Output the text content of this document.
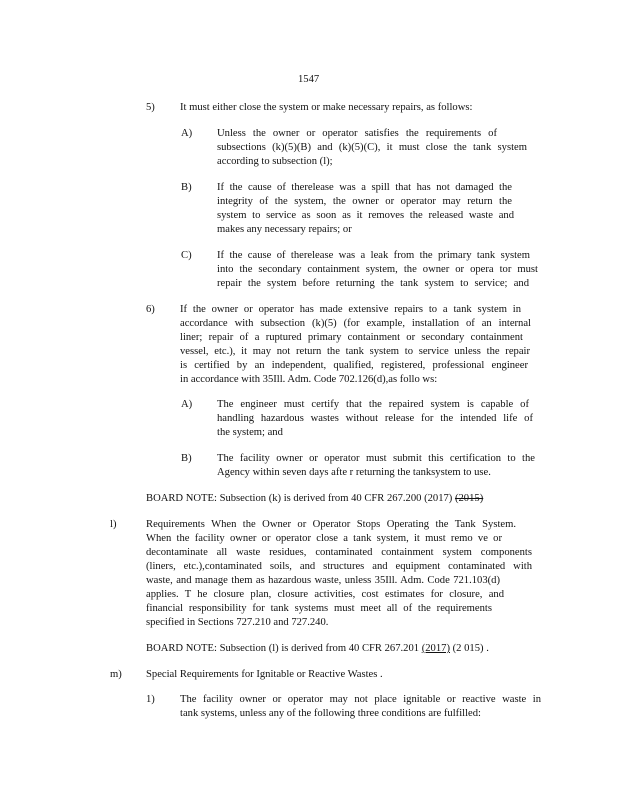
1547
5) It must either close the system or make necessary repairs, as follows:
A) Unless the owner or operator satisfies the requirements of
subsections (k)(5)(B) and (k)(5)(C), it must close the tank system
according to subsection (l);
B) If the cause of therelease was a spill that has not damaged the
integrity of the system, the owner or operator may return the
system to service as soon as it removes the released waste and
makes any necessary repairs; or
C) If the cause of therelease was a leak from the primary tank system
into the secondary containment system, the owner or opera tor must
repair the system before returning the tank system to service; and
6) If the owner or operator has made extensive repairs to a tank system in
accordance with subsection (k)(5) (for example, installation of an internal
liner; repair of a ruptured primary containment or secondary containment
vessel, etc.), it may not return the tank system to service unless the repair
is certified by an independent, qualified, registered, professional engineer
in accordance with 35Ill. Adm. Code 702.126(d),as follo ws:
A) The engineer must certify that the repaired system is capable of
handling hazardous wastes without release for the intended life of
the system; and
B) The facility owner or operator must submit this certification to the
Agency within seven days afte r returning the tanksystem to use.
BOARD NOTE: Subsection (k) is derived from 40 CFR 267.200 (2017) (2015)
l)	Requirements When the Owner or Operator Stops Operating the Tank System.
When the facility owner or operator close a tank system, it must remo ve or
decontaminate all waste residues, contaminated containment system components
(liners, etc.),contaminated soils, and structures and equipment contaminated with
waste, and manage them as hazardous waste, unless 35Ill. Adm. Code 721.103(d)
applies. T he closure plan, closure activities, cost estimates for closure, and
financial responsibility for tank systems must meet all of the requirements
specified in Sections 727.210 and 727.240.
BOARD NOTE: Subsection (l) is derived from 40 CFR 267.201 (2017) (2 015) .
m) Special Requirements for Ignitable or Reactive Wastes .
1) The facility owner or operator may not place ignitable or reactive waste in
tank systems, unless any of the following three conditions are fulfilled:
